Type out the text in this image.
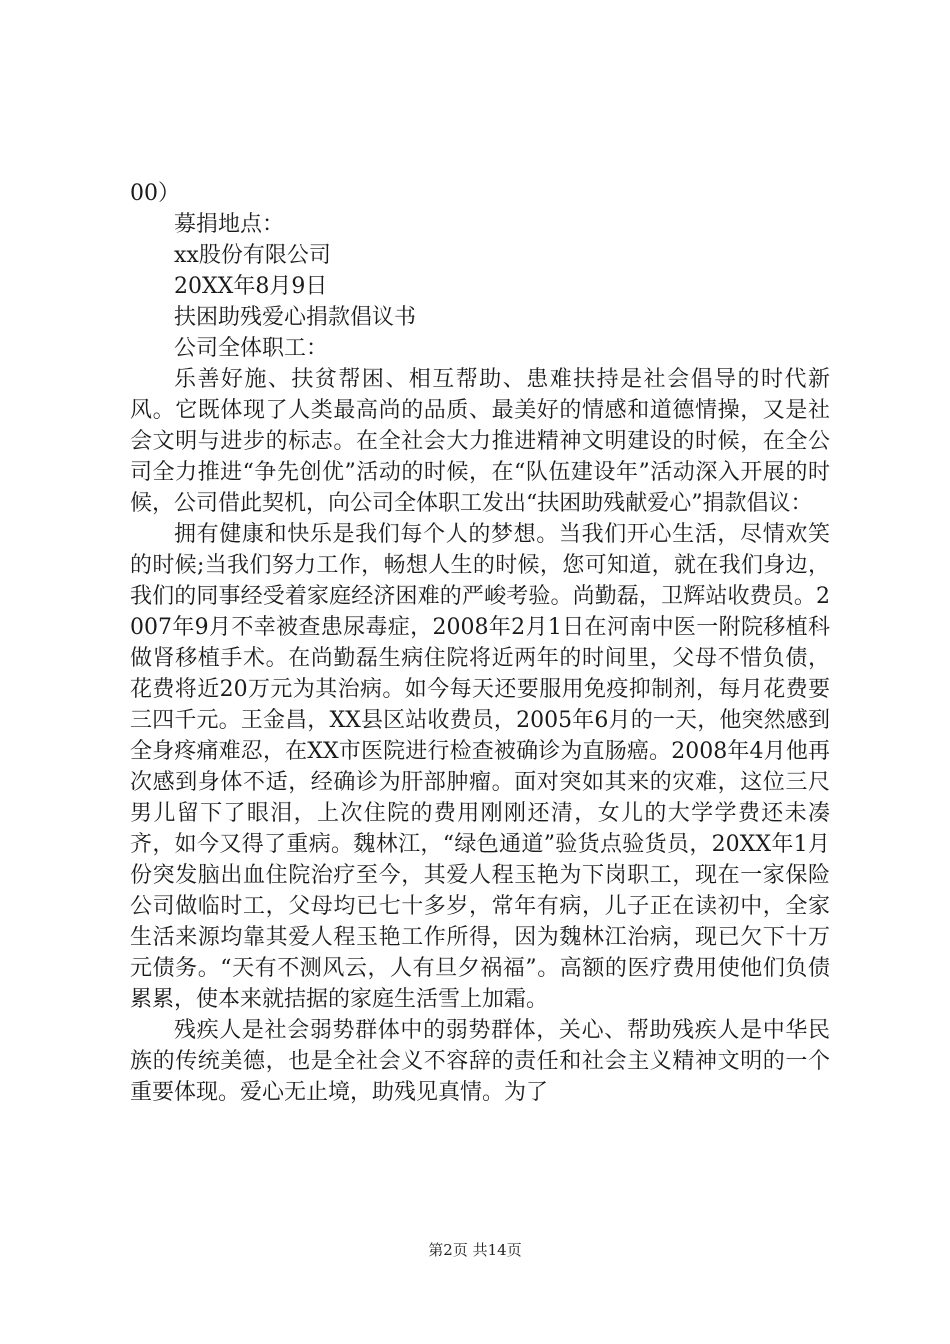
00）
募捐地点：
xx股份有限公司
20XX年8月9日
扶困助残爱心捐款倡议书
公司全体职工：

乐善好施、扶贫帮困、相互帮助、患难扶持是社会倡导的时代新风。它既体现了人类最高尚的品质、最美好的情感和道德情操，又是社会文明与进步的标志。在全社会大力推进精神文明建设的时候，在全公司全力推进“争先创优”活动的时候，在“队伍建设年”活动深入开展的时候，公司借此契机，向公司全体职工发出“扶困助残献爱心”捐款倡议：

拥有健康和快乐是我们每个人的梦想。当我们开心生活，尽情欢笑的时候;当我们努力工作，畅想人生的时候，您可知道，就在我们身边，我们的同事经受着家庭经济困难的严峻考验。尚勤磊，卫辉站收费员。2007年9月不幸被查患尿毒症，2008年2月1日在河南中医一附院移植科做肾移植手术。在尚勤磊生病住院将近两年的时间里，父母不惜负债，花费将近20万元为其治病。如今每天还要服用免疫抑制剂，每月花费要三四千元。王金昌，XX县区站收费员，2005年6月的一天，他突然感到全身疼痛难忍，在XX市医院进行检查被确诊为直肠癌。2008年4月他再次感到身体不适，经确诊为肝部肿瘤。面对突如其来的灾难，这位三尺男儿留下了眼泪，上次住院的费用刚刚还清，女儿的大学学费还未凑齐，如今又得了重病。魏林江，“绿色通道”验货点验货员，20XX年1月份突发脑出血住院治疗至今，其爱人程玉艳为下岗职工，现在一家保险公司做临时工，父母均已七十多岁，常年有病，儿子正在读初中，全家生活来源均靠其爱人程玉艳工作所得，因为魏林江治病，现已欠下十万元债务。“天有不测风云，人有旦夕祸福”。高额的医疗费用使他们负债累累，使本来就拮据的家庭生活雪上加霜。

残疾人是社会弱势群体中的弱势群体，关心、帮助残疾人是中华民族的传统美德，也是全社会义不容辞的责任和社会主义精神文明的一个重要体现。爱心无止境，助残见真情。为了

第2页 共14页
